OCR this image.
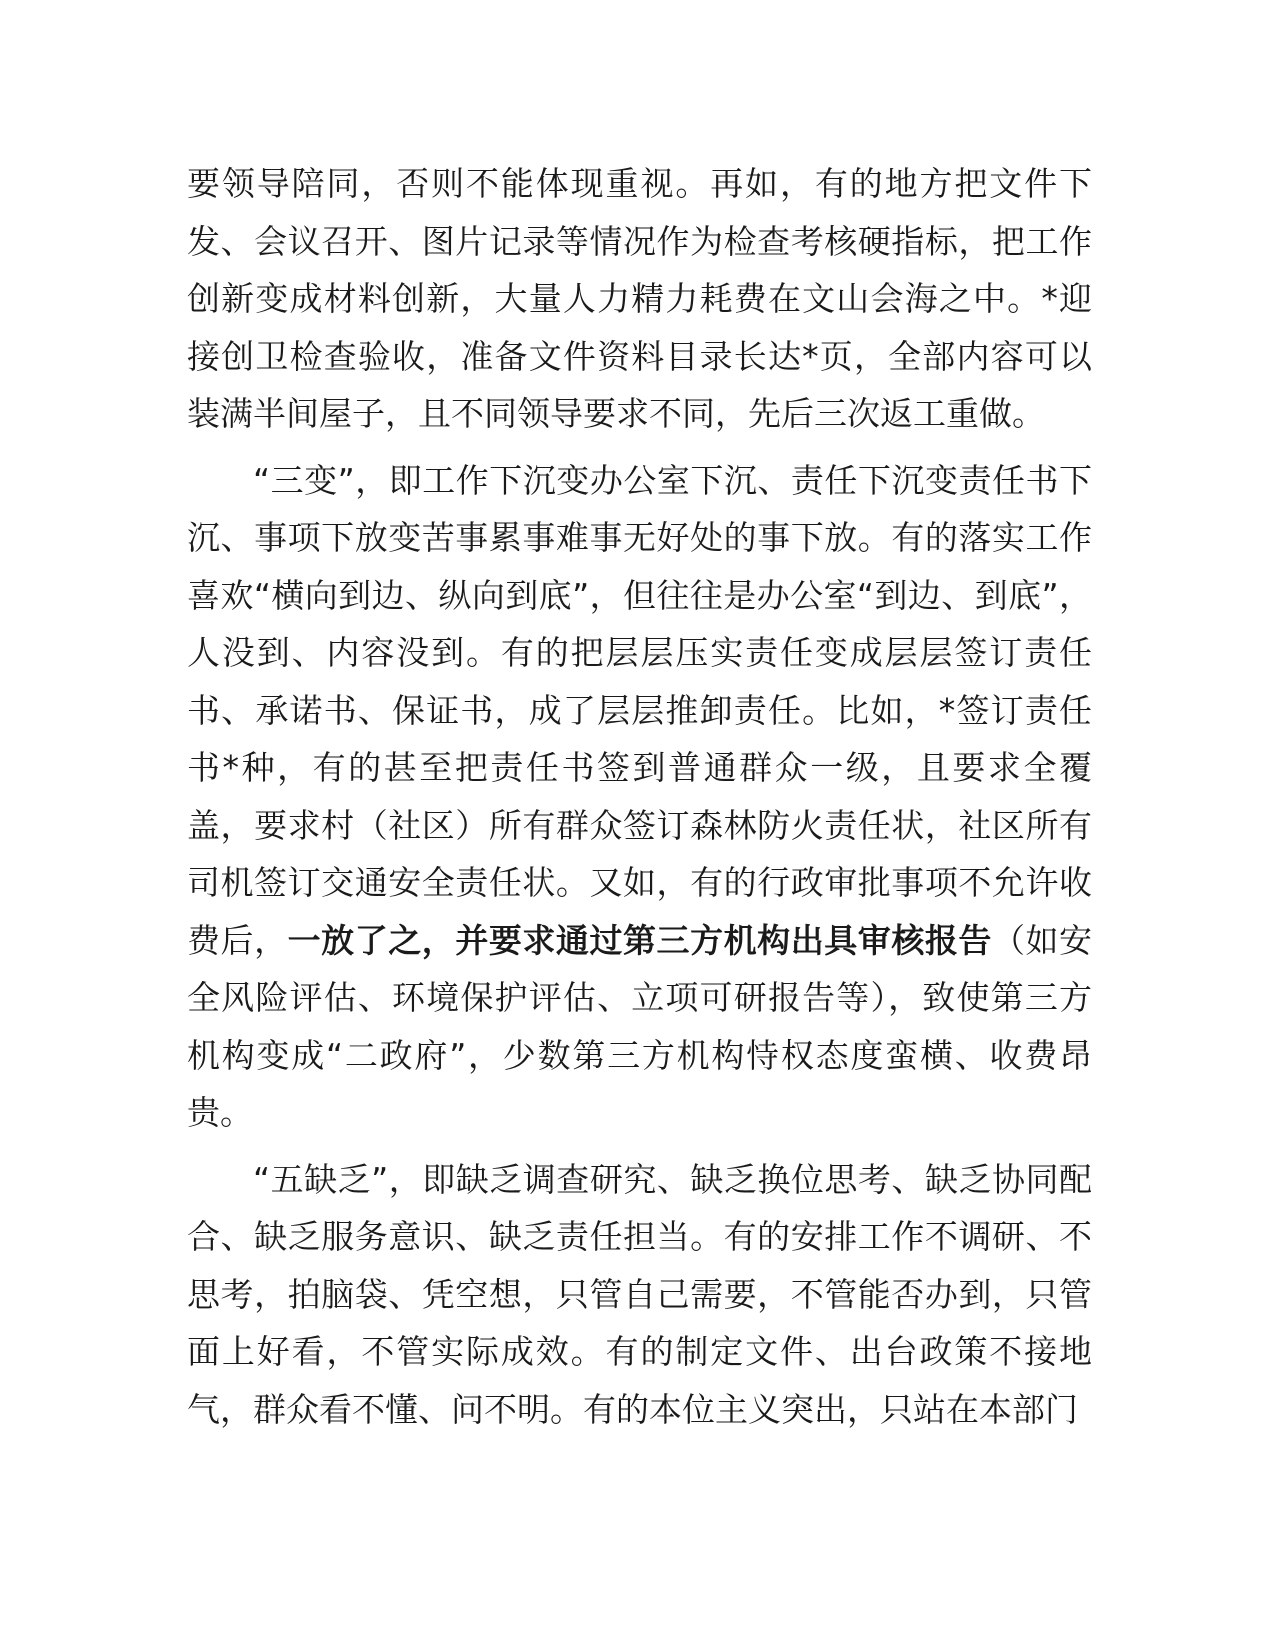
要领导陪同，否则不能体现重视。再如，有的地方把文件下发、会议召开、图片记录等情况作为检查考核硬指标，把工作创新变成材料创新，大量人力精力耗费在文山会海之中。*迎接创卫检查验收，准备文件资料目录长达*页，全部内容可以装满半间屋子，且不同领导要求不同，先后三次返工重做。

“三变”，即工作下沉变办公室下沉、责任下沉变责任书下沉、事项下放变苦事累事难事无好处的事下放。有的落实工作喜欢“横向到边、纵向到底”，但往往是办公室“到边、到底”，人没到、内容没到。有的把层层压实责任变成层层签订责任书、承诺书、保证书，成了层层推卸责任。比如，*签订责任书*种，有的甚至把责任书签到普通群众一级，且要求全覆盖，要求村（社区）所有群众签订森林防火责任状，社区所有司机签订交通安全责任状。又如，有的行政审批事项不允许收费后，一放了之，并要求通过第三方机构出具审核报告（如安全风险评估、环境保护评估、立项可研报告等），致使第三方机构变成“二政府”，少数第三方机构恃权态度蛮横、收费昂贵。

“五缺乏”，即缺乏调查研究、缺乏换位思考、缺乏协同配合、缺乏服务意识、缺乏责任担当。有的安排工作不调研、不思考，拍脑袋、凭空想，只管自己需要，不管能否办到，只管面上好看，不管实际成效。有的制定文件、出台政策不接地气，群众看不懂、问不明。有的本位主义突出，只站在本部门
